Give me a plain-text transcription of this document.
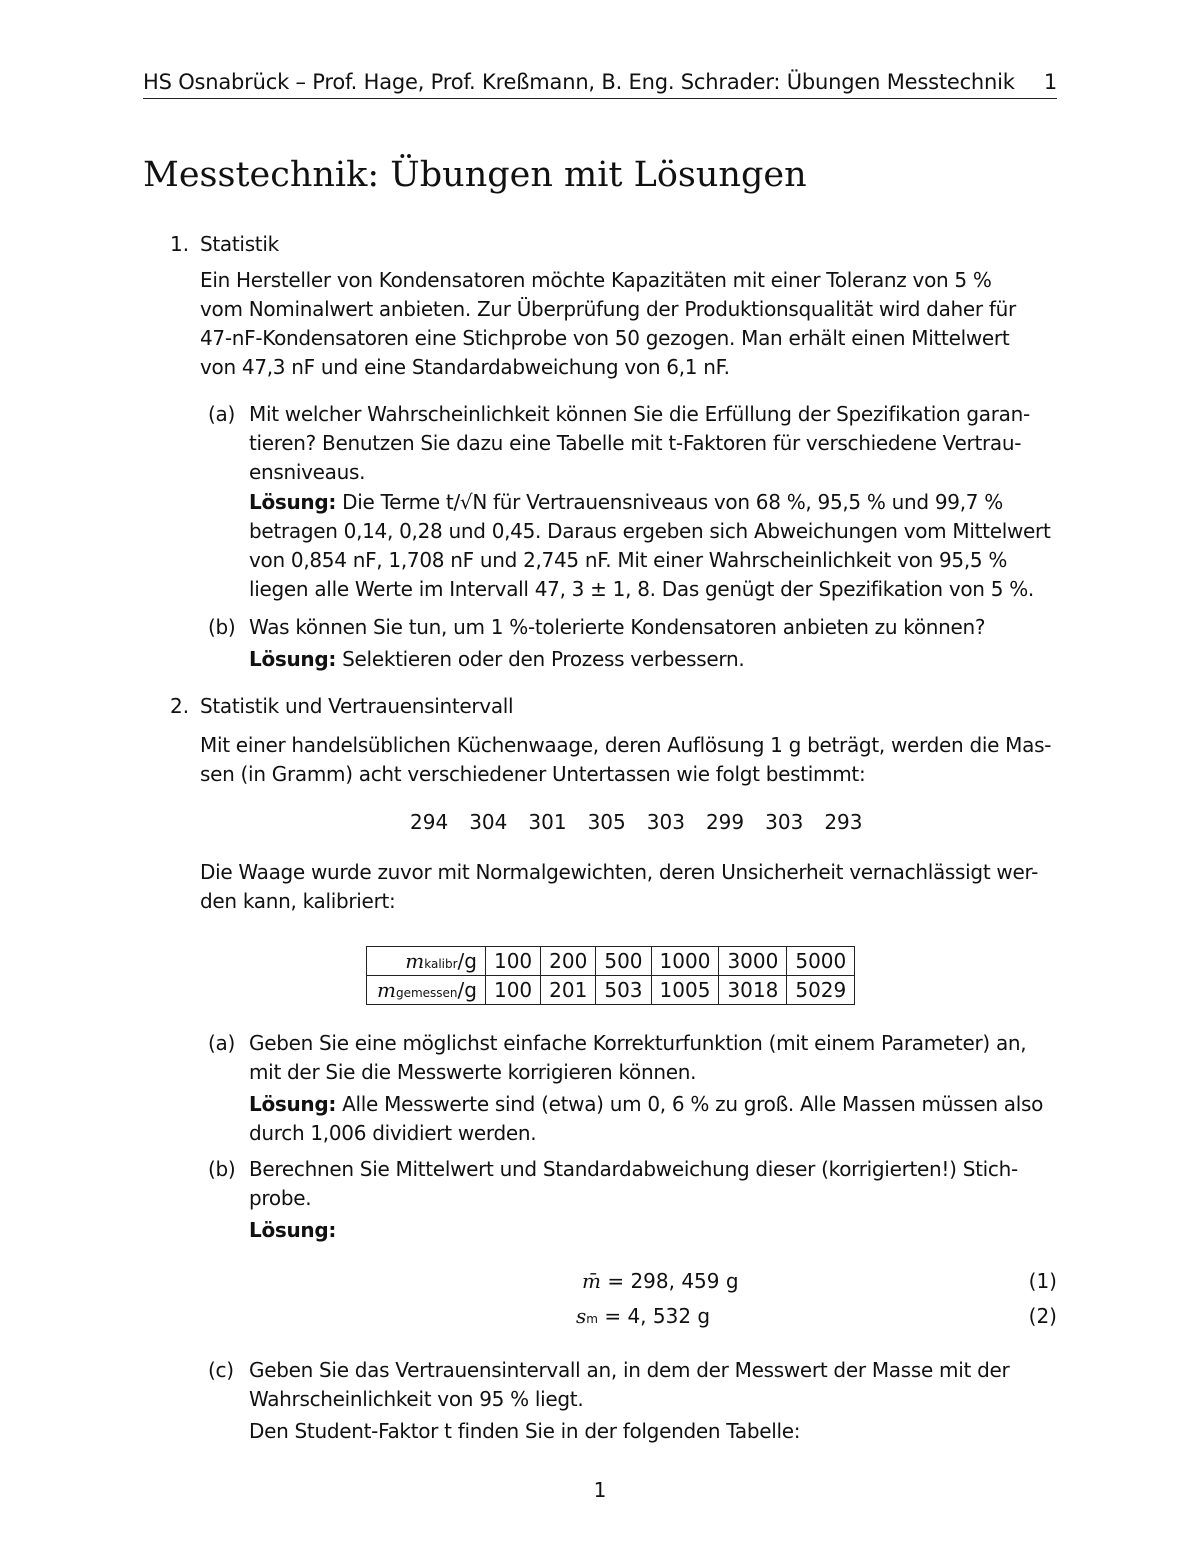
HS Osnabrück – Prof. Hage, Prof. Kreßmann, B. Eng. Schrader: Übungen Messtechnik 1
Messtechnik: Übungen mit Lösungen
1. Statistik
Ein Hersteller von Kondensatoren möchte Kapazitäten mit einer Toleranz von 5 %
vom Nominalwert anbieten. Zur Überprüfung der Produktionsqualität wird daher für
47-nF-Kondensatoren eine Stichprobe von 50 gezogen. Man erhält einen Mittelwert
von 47,3 nF und eine Standardabweichung von 6,1 nF.
(a) Mit welcher Wahrscheinlichkeit können Sie die Erfüllung der Spezifikation garan-
tieren? Benutzen Sie dazu eine Tabelle mit t-Faktoren für verschiedene Vertrau-
ensniveaus.
Lösung: Die Terme t/√N für Vertrauensniveaus von 68 %, 95,5 % und 99,7 %
betragen 0,14, 0,28 und 0,45. Daraus ergeben sich Abweichungen vom Mittelwert
von 0,854 nF, 1,708 nF und 2,745 nF. Mit einer Wahrscheinlichkeit von 95,5 %
liegen alle Werte im Intervall 47, 3 ± 1, 8. Das genügt der Spezifikation von 5 %.
(b) Was können Sie tun, um 1 %-tolerierte Kondensatoren anbieten zu können?
Lösung: Selektieren oder den Prozess verbessern.
2. Statistik und Vertrauensintervall
Mit einer handelsüblichen Küchenwaage, deren Auflösung 1 g beträgt, werden die Mas-
sen (in Gramm) acht verschiedener Untertassen wie folgt bestimmt:
294 304 301 305 303 299 303 293
Die Waage wurde zuvor mit Normalgewichten, deren Unsicherheit vernachlässigt wer-
den kann, kalibriert:
mkalibr/g	100	200	500	1000	3000	5000
mgemessen/g	100	201	503	1005	3018	5029
(a) Geben Sie eine möglichst einfache Korrekturfunktion (mit einem Parameter) an,
mit der Sie die Messwerte korrigieren können.
Lösung: Alle Messwerte sind (etwa) um 0, 6 % zu groß. Alle Massen müssen also
durch 1,006 dividiert werden.
(b) Berechnen Sie Mittelwert und Standardabweichung dieser (korrigierten!) Stich-
probe.
Lösung:
m̄ = 298, 459 g	(1)
sm = 4, 532 g	(2)
(c) Geben Sie das Vertrauensintervall an, in dem der Messwert der Masse mit der
Wahrscheinlichkeit von 95 % liegt.
Den Student-Faktor t finden Sie in der folgenden Tabelle:
1
